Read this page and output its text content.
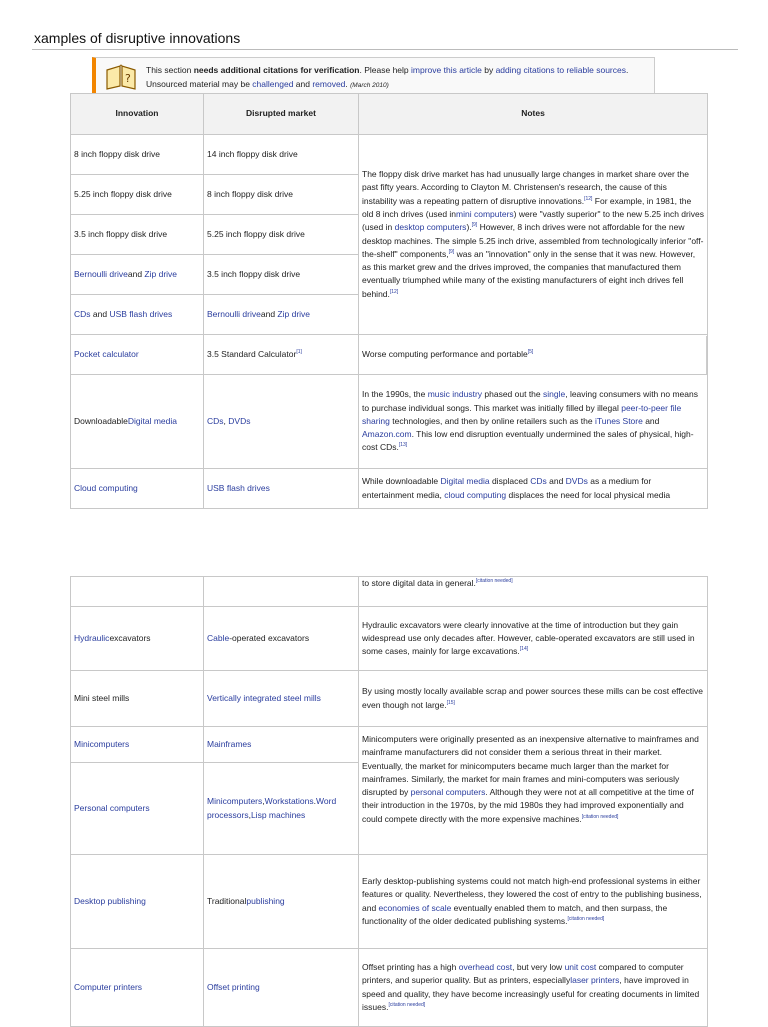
xamples of disruptive innovations
?
This section needs additional citations for verification. Please help improve this article by adding citations to reliable sources. Unsourced material may be challenged and removed. (March 2010)
Innovation	Disrupted market	Notes
8 inch floppy disk drive	14 inch floppy disk drive	The floppy disk drive market has had unusually large changes in market share over the past fifty years. According to Clayton M. Christensen's research, the cause of this instability was a repeating pattern of disruptive innovations.[12] For example, in 1981, the old 8 inch drives (used inmini computers) were "vastly superior" to the new 5.25 inch drives (used in desktop computers).[9] However, 8 inch drives were not affordable for the new desktop machines. The simple 5.25 inch drive, assembled from technologically inferior "off-the-shelf" components,[9] was an "innovation" only in the sense that it was new. However, as this market grew and the drives improved, the companies that manufactured them eventually triumphed while many of the existing manufacturers of eight inch drives fell behind.[12]
5.25 inch floppy disk drive	8 inch floppy disk drive	
3.5 inch floppy disk drive	5.25 inch floppy disk drive	
Bernoulli driveand Zip drive	3.5 inch floppy disk drive	
CDs and USB flash drives	Bernoulli driveand Zip drive	
Pocket calculator	3.5 Standard Calculator[1]	Worse computing performance and portable[5]
DownloadableDigital media	CDs, DVDs	In the 1990s, the music industry phased out the single, leaving consumers with no means to purchase individual songs. This market was initially filled by illegal peer-to-peer file sharing technologies, and then by online retailers such as the iTunes Store and Amazon.com. This low end disruption eventually undermined the sales of physical, high-cost CDs.[13]
Cloud computing	USB flash drives	While downloadable Digital media displaced CDs and DVDs as a medium for entertainment media, cloud computing displaces the need for local physical media
		to store digital data in general.[citation needed]
Hydraulicexcavators	Cable-operated excavators	Hydraulic excavators were clearly innovative at the time of introduction but they gain widespread use only decades after. However, cable-operated excavators are still used in some cases, mainly for large excavations.[14]
Mini steel mills	Vertically integrated steel mills	By using mostly locally available scrap and power sources these mills can be cost effective even though not large.[15]
Minicomputers	Mainframes	Minicomputers were originally presented as an inexpensive alternative to mainframes and mainframe manufacturers did not consider them a serious threat in their market. Eventually, the market for minicomputers became much larger than the market for mainframes. Similarly, the market for main frames and mini-computers was seriously disrupted by personal computers. Although they were not at all competitive at the time of their introduction in the 1970s, by the mid 1980s they had improved exponentially and could compete directly with the more expensive machines.[citation needed]
Personal computers	Minicomputers,Workstations.Word processors,Lisp machines	
Desktop publishing	Traditionalpublishing	Early desktop-publishing systems could not match high-end professional systems in either features or quality. Nevertheless, they lowered the cost of entry to the publishing business, and economies of scale eventually enabled them to match, and then surpass, the functionality of the older dedicated publishing systems.[citation needed]
Computer printers	Offset printing	Offset printing has a high overhead cost, but very low unit cost compared to computer printers, and superior quality. But as printers, especiallylaser printers, have improved in speed and quality, they have become increasingly useful for creating documents in limited issues.[citation needed]
